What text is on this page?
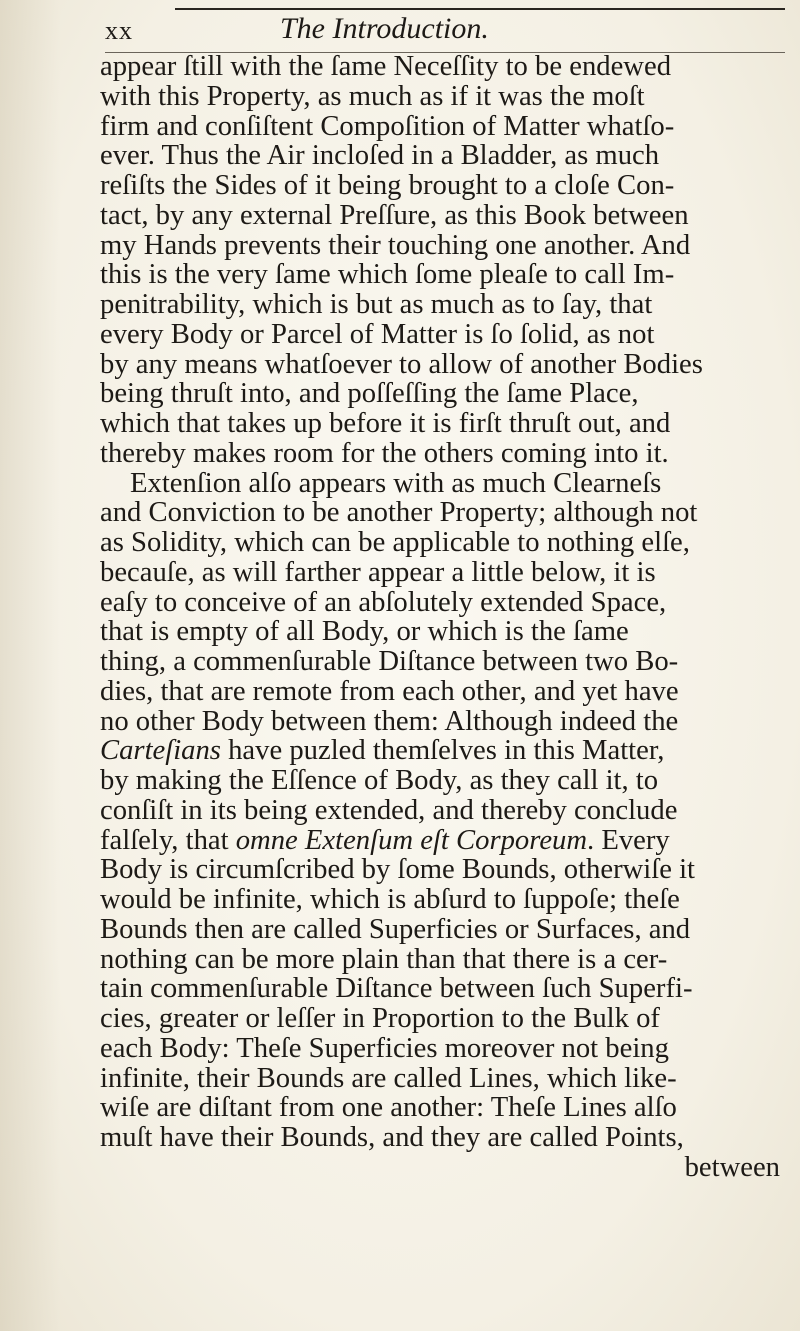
xx	The Introduction.
appear ſtill with the ſame Neceſſity to be endewed
with this Property, as much as if it was the moſt
firm and conſiſtent Compoſition of Matter whatſo-
ever. Thus the Air incloſed in a Bladder, as much
reſiſts the Sides of it being brought to a cloſe Con-
tact, by any external Preſſure, as this Book between
my Hands prevents their touching one another. And
this is the very ſame which ſome pleaſe to call Im-
penitrability, which is but as much as to ſay, that
every Body or Parcel of Matter is ſo ſolid, as not
by any means whatſoever to allow of another Bodies
being thruſt into, and poſſeſſing the ſame Place,
which that takes up before it is firſt thruſt out, and
thereby makes room for the others coming into it.
Extenſion alſo appears with as much Clearneſs
and Conviction to be another Property; although not
as Solidity, which can be applicable to nothing elſe,
becauſe, as will farther appear a little below, it is
eaſy to conceive of an abſolutely extended Space,
that is empty of all Body, or which is the ſame
thing, a commenſurable Diſtance between two Bo-
dies, that are remote from each other, and yet have
no other Body between them: Although indeed the
Carteſians have puzled themſelves in this Matter,
by making the Eſſence of Body, as they call it, to
conſiſt in its being extended, and thereby conclude
falſely, that omne Extenſum eſt Corporeum. Every
Body is circumſcribed by ſome Bounds, otherwiſe it
would be infinite, which is abſurd to ſuppoſe; theſe
Bounds then are called Superficies or Surfaces, and
nothing can be more plain than that there is a cer-
tain commenſurable Diſtance between ſuch Superfi-
cies, greater or leſſer in Proportion to the Bulk of
each Body: Theſe Superficies moreover not being
infinite, their Bounds are called Lines, which like-
wiſe are diſtant from one another: Theſe Lines alſo
muſt have their Bounds, and they are called Points,
between
